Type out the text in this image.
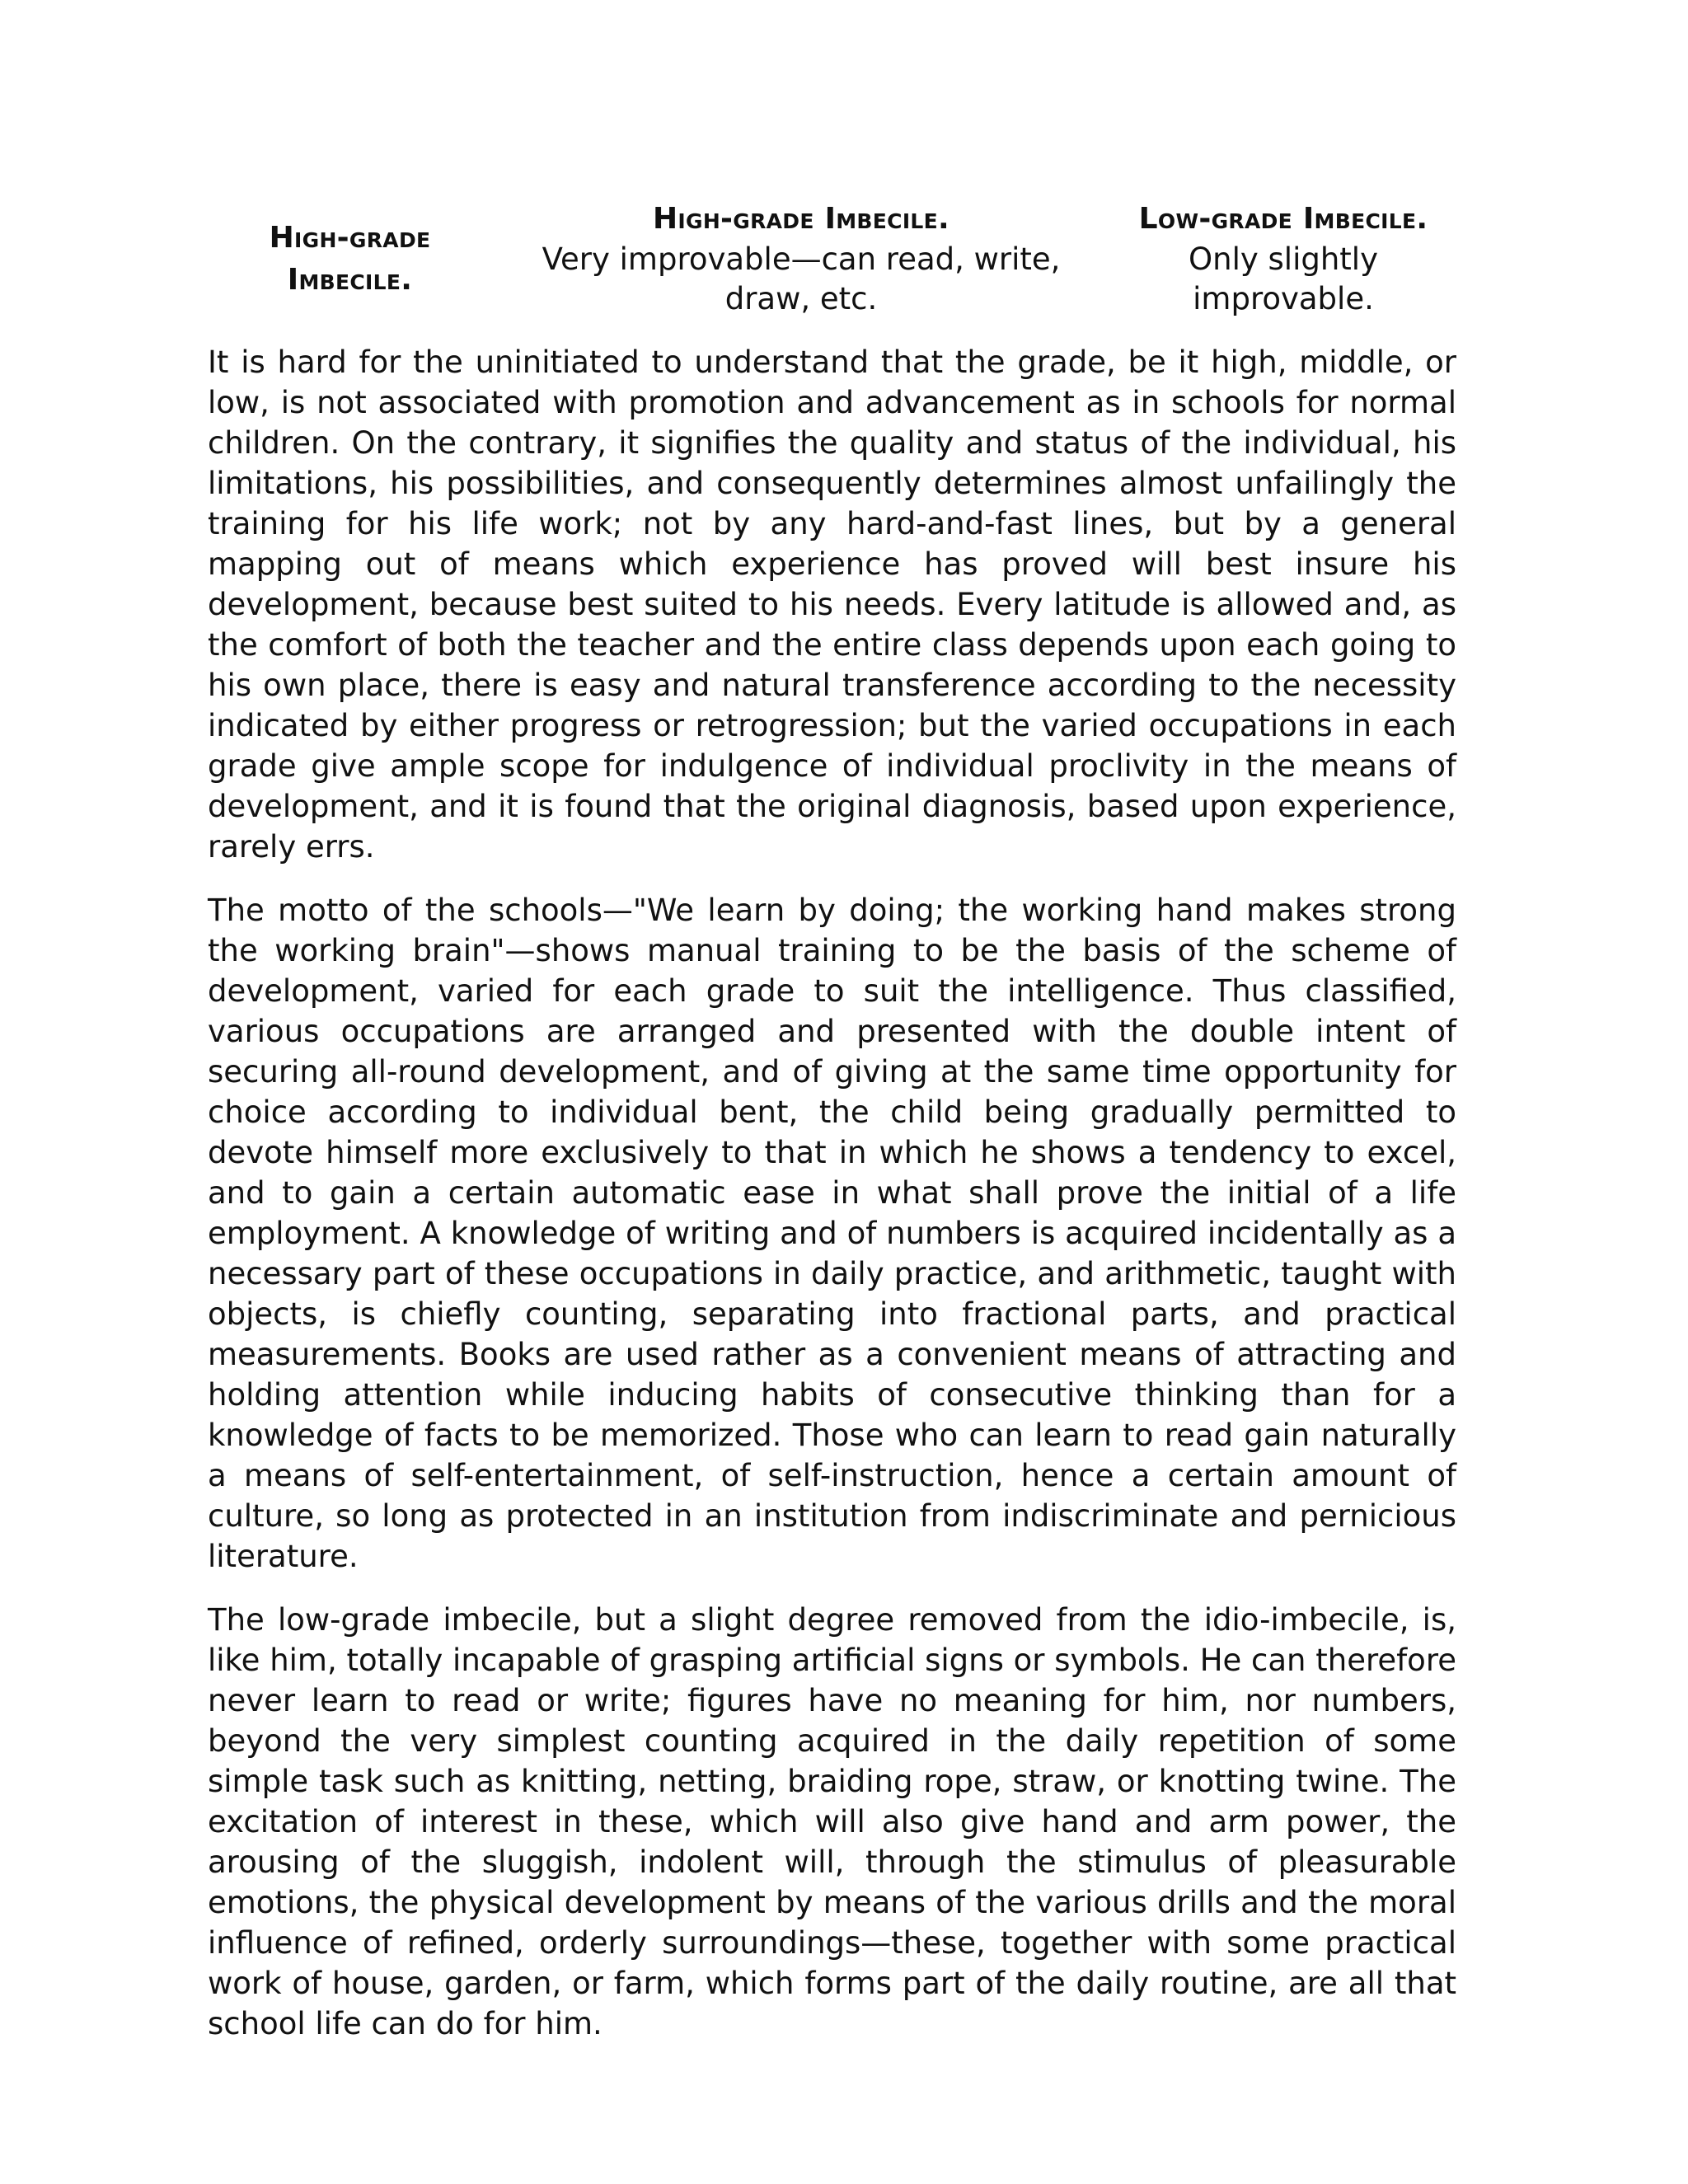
High-grade Imbecile.
High-grade Imbecile.
Very improvable—can read, write, draw, etc.
Low-grade Imbecile.
Only slightly improvable.

It is hard for the uninitiated to understand that the grade, be it high, middle, or low, is not associated with promotion and advancement as in schools for normal children. On the contrary, it signifies the quality and status of the individual, his limitations, his possibilities, and consequently determines almost unfailingly the training for his life work; not by any hard-and-fast lines, but by a general mapping out of means which experience has proved will best insure his development, because best suited to his needs. Every latitude is allowed and, as the comfort of both the teacher and the entire class depends upon each going to his own place, there is easy and natural transference according to the necessity indicated by either progress or retrogression; but the varied occupations in each grade give ample scope for indulgence of individual proclivity in the means of development, and it is found that the original diagnosis, based upon experience, rarely errs.

The motto of the schools—"We learn by doing; the working hand makes strong the working brain"—shows manual training to be the basis of the scheme of development, varied for each grade to suit the intelligence. Thus classified, various occupations are arranged and presented with the double intent of securing all-round development, and of giving at the same time opportunity for choice according to individual bent, the child being gradually permitted to devote himself more exclusively to that in which he shows a tendency to excel, and to gain a certain automatic ease in what shall prove the initial of a life employment. A knowledge of writing and of numbers is acquired incidentally as a necessary part of these occupations in daily practice, and arithmetic, taught with objects, is chiefly counting, separating into fractional parts, and practical measurements. Books are used rather as a convenient means of attracting and holding attention while inducing habits of consecutive thinking than for a knowledge of facts to be memorized. Those who can learn to read gain naturally a means of self-entertainment, of self-instruction, hence a certain amount of culture, so long as protected in an institution from indiscriminate and pernicious literature.

The low-grade imbecile, but a slight degree removed from the idio-imbecile, is, like him, totally incapable of grasping artificial signs or symbols. He can therefore never learn to read or write; figures have no meaning for him, nor numbers, beyond the very simplest counting acquired in the daily repetition of some simple task such as knitting, netting, braiding rope, straw, or knotting twine. The excitation of interest in these, which will also give hand and arm power, the arousing of the sluggish, indolent will, through the stimulus of pleasurable emotions, the physical development by means of the various drills and the moral influence of refined, orderly surroundings—these, together with some practical work of house, garden, or farm, which forms part of the daily routine, are all that school life can do for him.
